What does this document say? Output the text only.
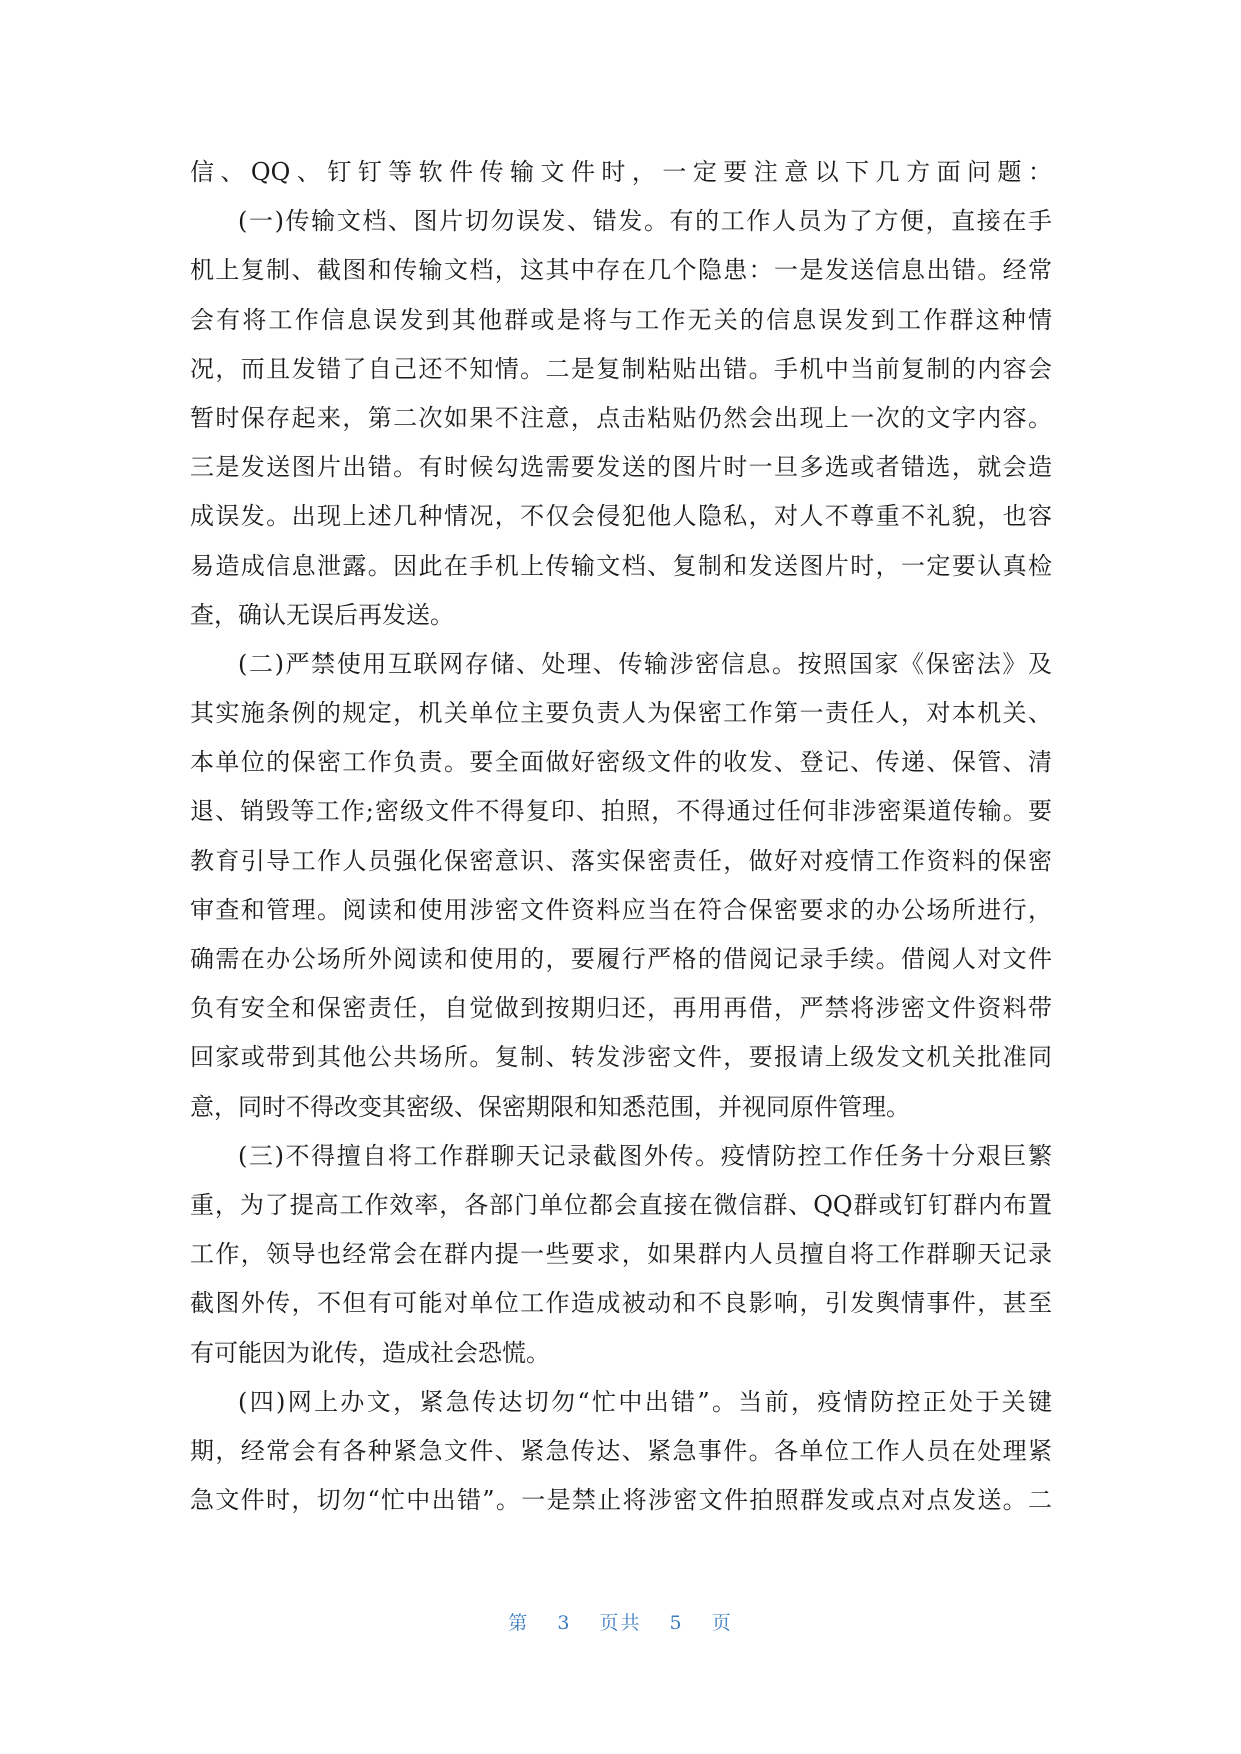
信、QQ、钉钉等软件传输文件时，一定要注意以下几方面问题：
(一)传输文档、图片切勿误发、错发。有的工作人员为了方便，直接在手
机上复制、截图和传输文档，这其中存在几个隐患：一是发送信息出错。经常
会有将工作信息误发到其他群或是将与工作无关的信息误发到工作群这种情
况，而且发错了自己还不知情。二是复制粘贴出错。手机中当前复制的内容会
暂时保存起来，第二次如果不注意，点击粘贴仍然会出现上一次的文字内容。
三是发送图片出错。有时候勾选需要发送的图片时一旦多选或者错选，就会造
成误发。出现上述几种情况，不仅会侵犯他人隐私，对人不尊重不礼貌，也容
易造成信息泄露。因此在手机上传输文档、复制和发送图片时，一定要认真检
查，确认无误后再发送。
(二)严禁使用互联网存储、处理、传输涉密信息。按照国家《保密法》及
其实施条例的规定，机关单位主要负责人为保密工作第一责任人，对本机关、
本单位的保密工作负责。要全面做好密级文件的收发、登记、传递、保管、清
退、销毁等工作;密级文件不得复印、拍照，不得通过任何非涉密渠道传输。要
教育引导工作人员强化保密意识、落实保密责任，做好对疫情工作资料的保密
审查和管理。阅读和使用涉密文件资料应当在符合保密要求的办公场所进行，
确需在办公场所外阅读和使用的，要履行严格的借阅记录手续。借阅人对文件
负有安全和保密责任，自觉做到按期归还，再用再借，严禁将涉密文件资料带
回家或带到其他公共场所。复制、转发涉密文件，要报请上级发文机关批准同
意，同时不得改变其密级、保密期限和知悉范围，并视同原件管理。
(三)不得擅自将工作群聊天记录截图外传。疫情防控工作任务十分艰巨繁
重，为了提高工作效率，各部门单位都会直接在微信群、QQ群或钉钉群内布置
工作，领导也经常会在群内提一些要求，如果群内人员擅自将工作群聊天记录
截图外传，不但有可能对单位工作造成被动和不良影响，引发舆情事件，甚至
有可能因为讹传，造成社会恐慌。
(四)网上办文，紧急传达切勿“忙中出错”。当前，疫情防控正处于关键
期，经常会有各种紧急文件、紧急传达、紧急事件。各单位工作人员在处理紧
急文件时，切勿“忙中出错”。一是禁止将涉密文件拍照群发或点对点发送。二
第 3 页共 5 页
